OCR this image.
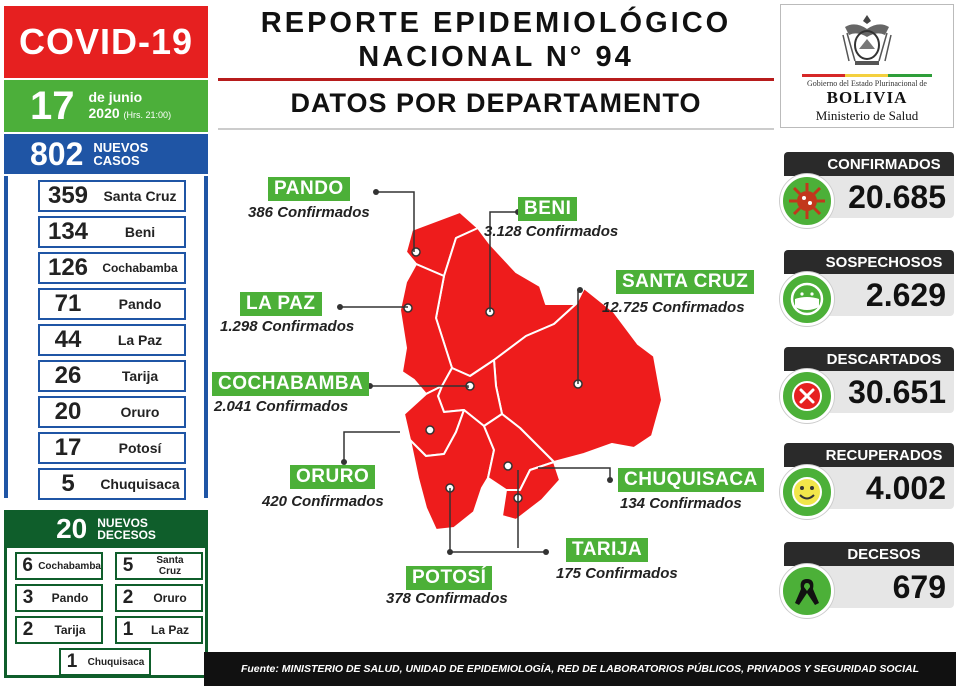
COVID-19
17 de junio
2020 (Hrs. 21:00)
802 NUEVOS
CASOS
359	Santa Cruz
134	Beni
126	Cochabamba
71	Pando
44	La Paz
26	Tarija
20	Oruro
17	Potosí
5	Chuquisaca
20 NUEVOS
DECESOS
6 Cochabamba	5	Santa
Cruz
3	Pando	2	Oruro
2	Tarija	1	La Paz
1	Chuquisaca
REPORTE EPIDEMIOLÓGICO
NACIONAL N° 94
DATOS POR DEPARTAMENTO
Gobierno del Estado Plurinacional de
BOLIVIA
Ministerio de Salud
PANDO
386 Confirmados	BENI
3.128 Confirmados
LA PAZ
1.298 Confirmados
SANTA CRUZ
12.725 Confirmados
COCHABAMBA
2.041 Confirmados
ORURO
420 Confirmados
CHUQUISACA
134 Confirmados
TARIJA
175 Confirmados
POTOSÍ
378 Confirmados
CONFIRMADOS
20.685
SOSPECHOSOS
2.629
DESCARTADOS
30.651
RECUPERADOS
4.002
DECESOS
679
Fuente: MINISTERIO DE SALUD, UNIDAD DE EPIDEMIOLOGÍA, RED DE LABORATORIOS PÚBLICOS, PRIVADOS Y SEGURIDAD SOCIAL
